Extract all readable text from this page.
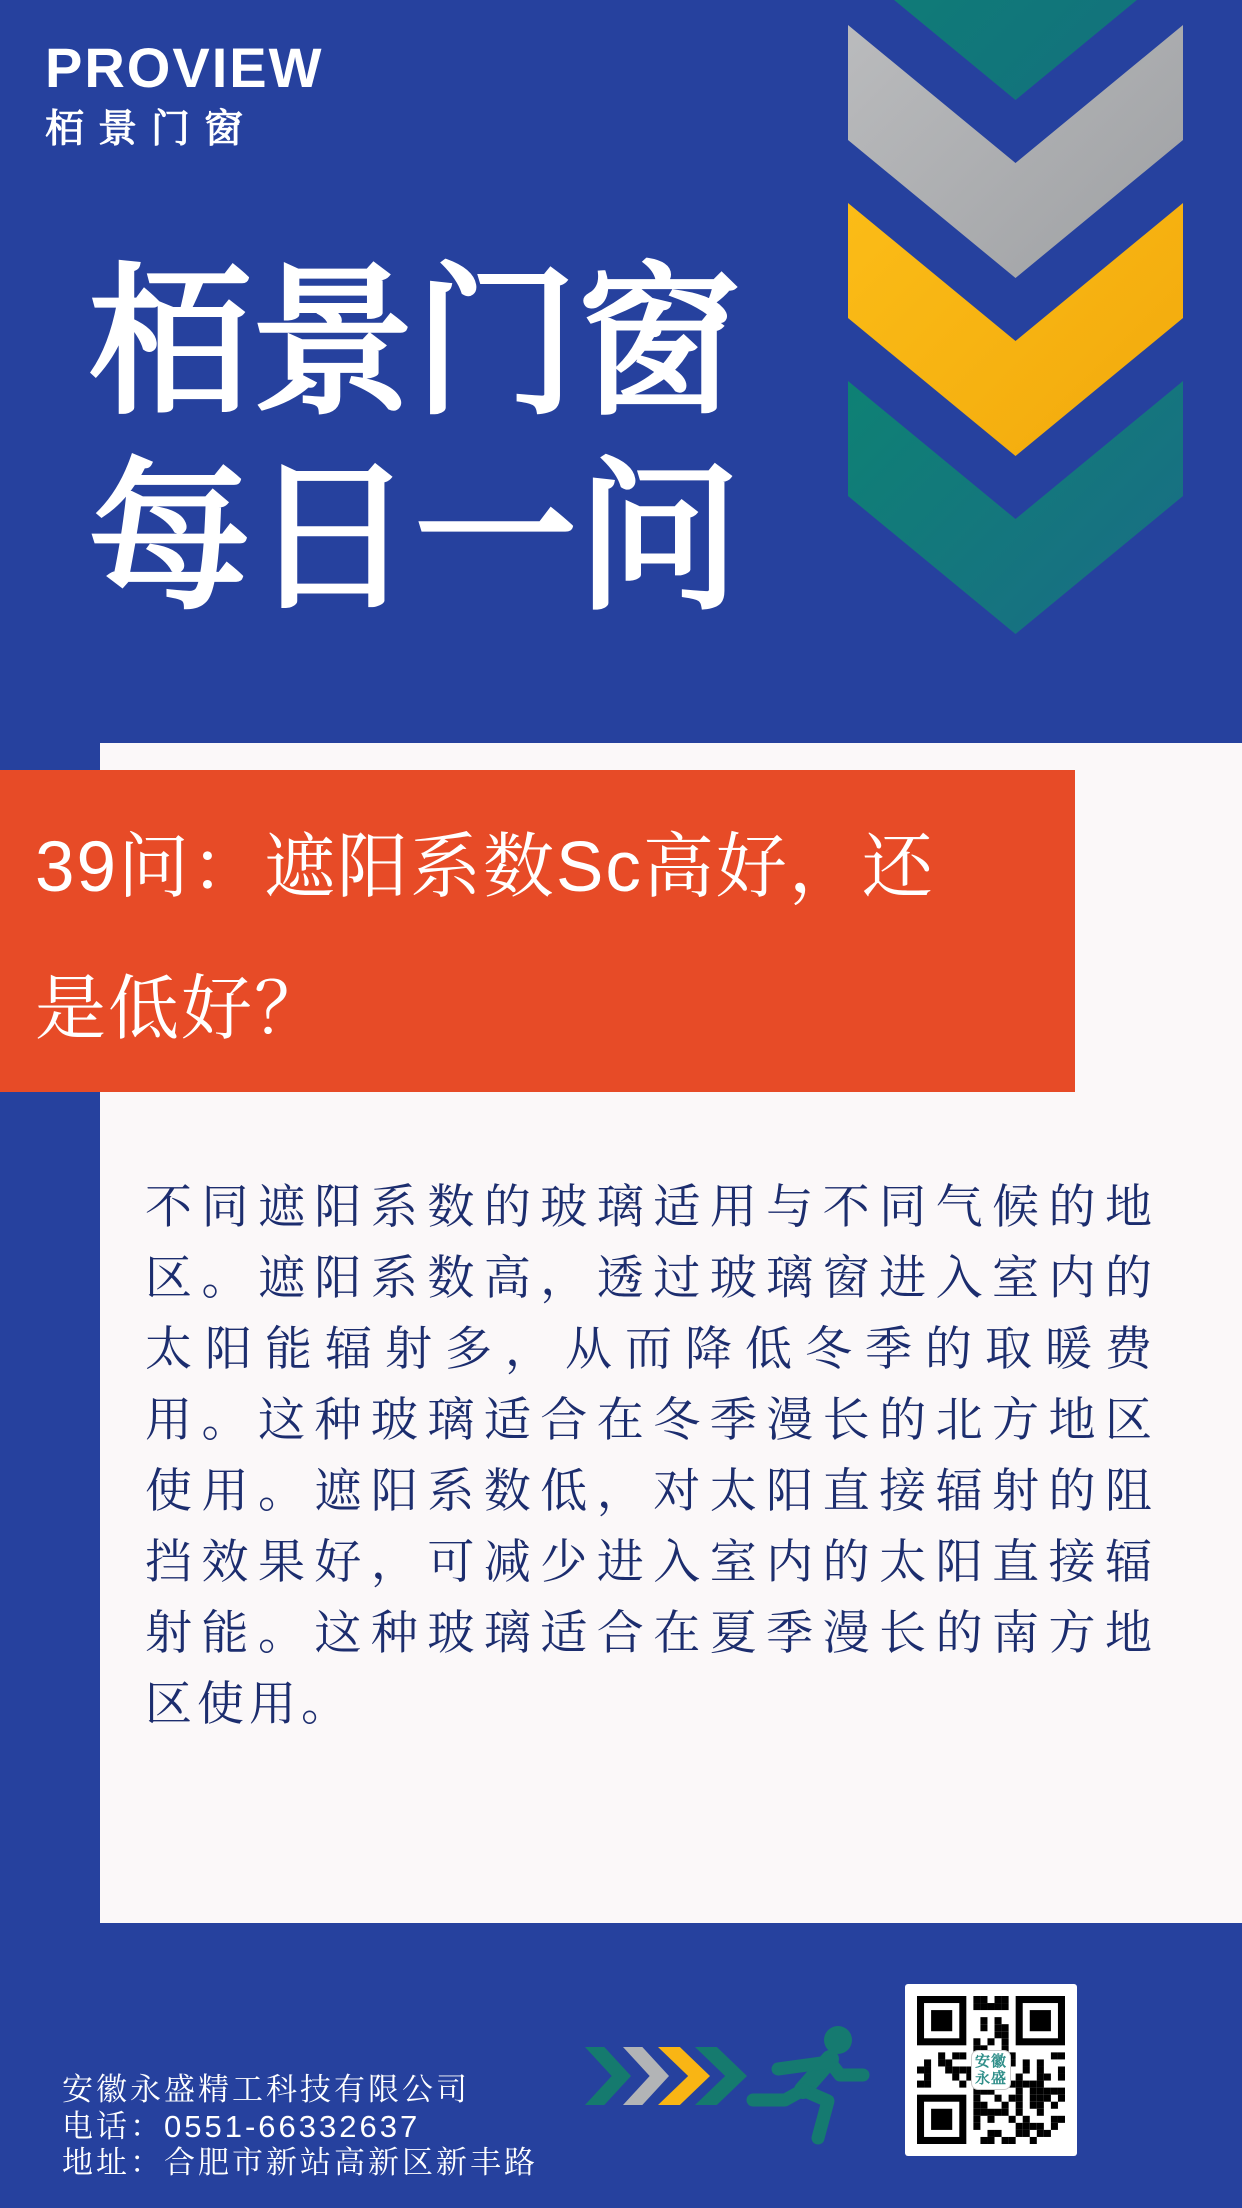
PROVIEW
栢景门窗
栢景门窗
每日一问
39问：遮阳系数Sc高好，还
是低好？
不同遮阳系数的玻璃适用与不同气候的地
区。遮阳系数高，透过玻璃窗进入室内的
太阳能辐射多，从而降低冬季的取暖费
用。这种玻璃适合在冬季漫长的北方地区
使用。遮阳系数低，对太阳直接辐射的阻
挡效果好，可减少进入室内的太阳直接辐
射能。这种玻璃适合在夏季漫长的南方地
区使用。
安徽永盛精工科技有限公司
电话：0551-66332637
地址：合肥市新站高新区新丰路
安徽
永盛
